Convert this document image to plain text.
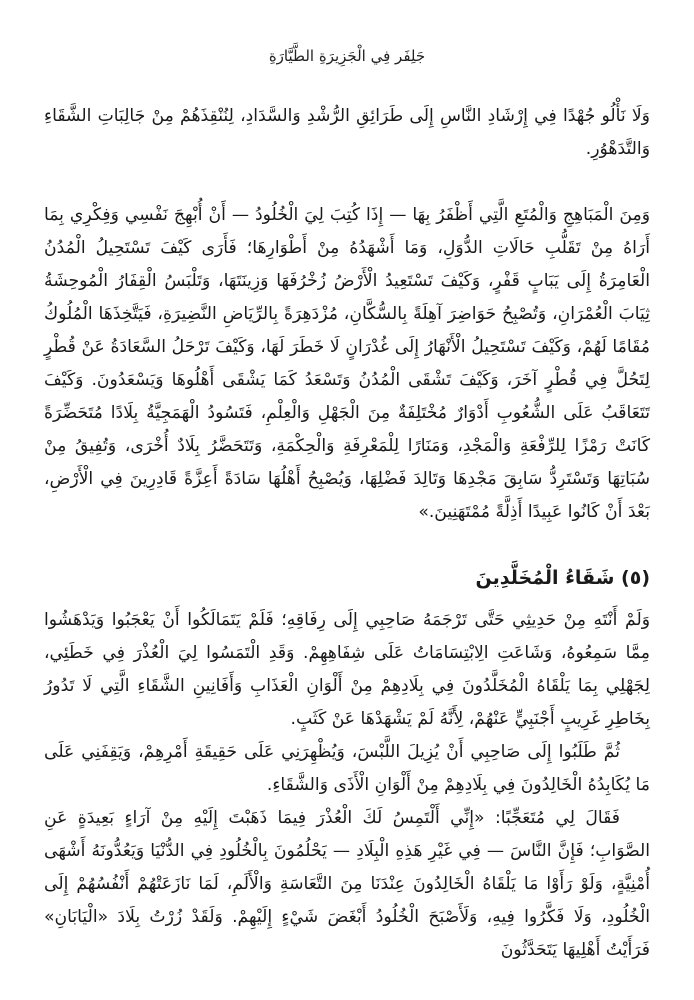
جَلِفَر فِي الْجَزِيرَةِ الطَّيَّارَةِ

وَلَا نَأْلُو جُهْدًا فِي إِرْشَادِ النَّاسِ إِلَى طَرَائِقِ الرُّشْدِ وَالسَّدَادِ، لِنُنْقِذَهُمْ مِنْ جَالِبَاتِ الشَّقَاءِ وَالتَّدَهْوُرِ.

وَمِنَ الْمَبَاهِجِ وَالْمُتَعِ الَّتِي أَظْفَرُ بِهَا — إِذَا كُتِبَ لِيَ الْخُلُودُ — أَنْ أُبْهِجَ نَفْسِي وَفِكْرِي بِمَا أَرَاهُ مِنْ تَقَلُّبِ حَالَاتِ الدُّوَلِ، وَمَا أَشْهَدُهُ مِنْ أَطْوَارِهَا؛ فَأَرَى كَيْفَ تَسْتَحِيلُ الْمُدُنُ الْعَامِرَةُ إِلَى يَبَابٍ قَفْرٍ، وَكَيْفَ تَسْتَعِيدُ الْأَرْضُ زُخْرُفَهَا وَزِينَتَهَا، وَتَلْبَسُ الْقِفَارُ الْمُوحِشَةُ ثِيَابَ الْعُمْرَانِ، وَتُصْبِحُ حَوَاضِرَ آهِلَةً بِالسُّكَّانِ، مُزْدَهِرَةً بِالرِّيَاضِ النَّضِيرَةِ، فَيَتَّخِذَهَا الْمُلُوكُ مُقَامًا لَهُمْ، وَكَيْفَ تَسْتَحِيلُ الْأَنْهَارُ إِلَى غُدْرَانٍ لَا خَطَرَ لَهَا، وَكَيْفَ تَرْحَلُ السَّعَادَةُ عَنْ قُطْرٍ لِتَحُلَّ فِي قُطْرٍ آخَرَ، وَكَيْفَ تَشْقَى الْمُدُنُ وَتَسْعَدُ كَمَا يَشْقَى أَهْلُوهَا وَيَسْعَدُونَ. وَكَيْفَ تَتَعَاقَبُ عَلَى الشُّعُوبِ أَدْوَارٌ مُخْتَلِفَةٌ مِنَ الْجَهْلِ وَالْعِلْمِ، فَتَسُودُ الْهَمَجِيَّةُ بِلَادًا مُتَحَضِّرَةً كَانَتْ رَمْزًا لِلرِّفْعَةِ وَالْمَجْدِ، وَمَنَارًا لِلْمَعْرِفَةِ وَالْحِكْمَةِ، وَتَتَحَضَّرُ بِلَادٌ أُخْرَى، وَتُفِيقُ مِنْ سُبَاتِهَا وَتَسْتَرِدُّ سَابِقَ مَجْدِهَا وَتَالِدَ فَضْلِهَا، وَيُصْبِحُ أَهْلُهَا سَادَةً أَعِزَّةً قَادِرِينَ فِي الْأَرْضِ، بَعْدَ أَنْ كَانُوا عَبِيدًا أَذِلَّةً مُمْتَهَنِينَ.»

(٥) شَقَاءُ الْمُخَلَّدِينَ

وَلَمْ أَنْتَهِ مِنْ حَدِيثِي حَتَّى تَرْجَمَهُ صَاحِبِي إِلَى رِفَاقِهِ؛ فَلَمْ يَتَمَالَكُوا أَنْ يَعْجَبُوا وَيَدْهَشُوا مِمَّا سَمِعُوهُ، وَشَاعَتِ الِابْتِسَامَاتُ عَلَى شِفَاهِهِمْ. وَقَدِ الْتَمَسُوا لِيَ الْعُذْرَ فِي خَطَئِي، لِجَهْلِي بِمَا يَلْقَاهُ الْمُخَلَّدُونَ فِي بِلَادِهِمْ مِنْ أَلْوَانِ الْعَذَابِ وَأَفَانِينِ الشَّقَاءِ الَّتِي لَا تَدُورُ بِخَاطِرِ غَرِيبٍ أَجْنَبِيٍّ عَنْهُمْ، لِأَنَّهُ لَمْ يَشْهَدْهَا عَنْ كَثَبٍ.

ثُمَّ طَلَبُوا إِلَى صَاحِبِي أَنْ يُزِيلَ اللَّبْسَ، وَيُظْهِرَنِي عَلَى حَقِيقَةِ أَمْرِهِمْ، وَيَقِفَنِي عَلَى مَا يُكَابِدُهُ الْخَالِدُونَ فِي بِلَادِهِمْ مِنْ أَلْوَانِ الْأَذَى وَالشَّقَاءِ.

فَقَالَ لِي مُتَعَجِّبًا: «إِنِّي أَلْتَمِسُ لَكَ الْعُذْرَ فِيمَا ذَهَبْتَ إِلَيْهِ مِنْ آرَاءٍ بَعِيدَةٍ عَنِ الصَّوَابِ؛ فَإِنَّ النَّاسَ — فِي غَيْرِ هَذِهِ الْبِلَادِ — يَحْلُمُونَ بِالْخُلُودِ فِي الدُّنْيَا وَيَعُدُّونَهُ أَشْهَى أُمْنِيَّةٍ، وَلَوْ رَأَوْا مَا يَلْقَاهُ الْخَالِدُونَ عِنْدَنَا مِنَ التَّعَاسَةِ وَالْأَلَمِ، لَمَا نَازَعَتْهُمْ أَنْفُسُهُمْ إِلَى الْخُلُودِ، وَلَا فَكَّرُوا فِيهِ، وَلَأَصْبَحَ الْخُلُودُ أَبْغَضَ شَيْءٍ إِلَيْهِمْ. وَلَقَدْ زُرْتُ بِلَادَ «الْيَابَانِ» فَرَأَيْتُ أَهْلِيهَا يَتَحَدَّثُونَ
